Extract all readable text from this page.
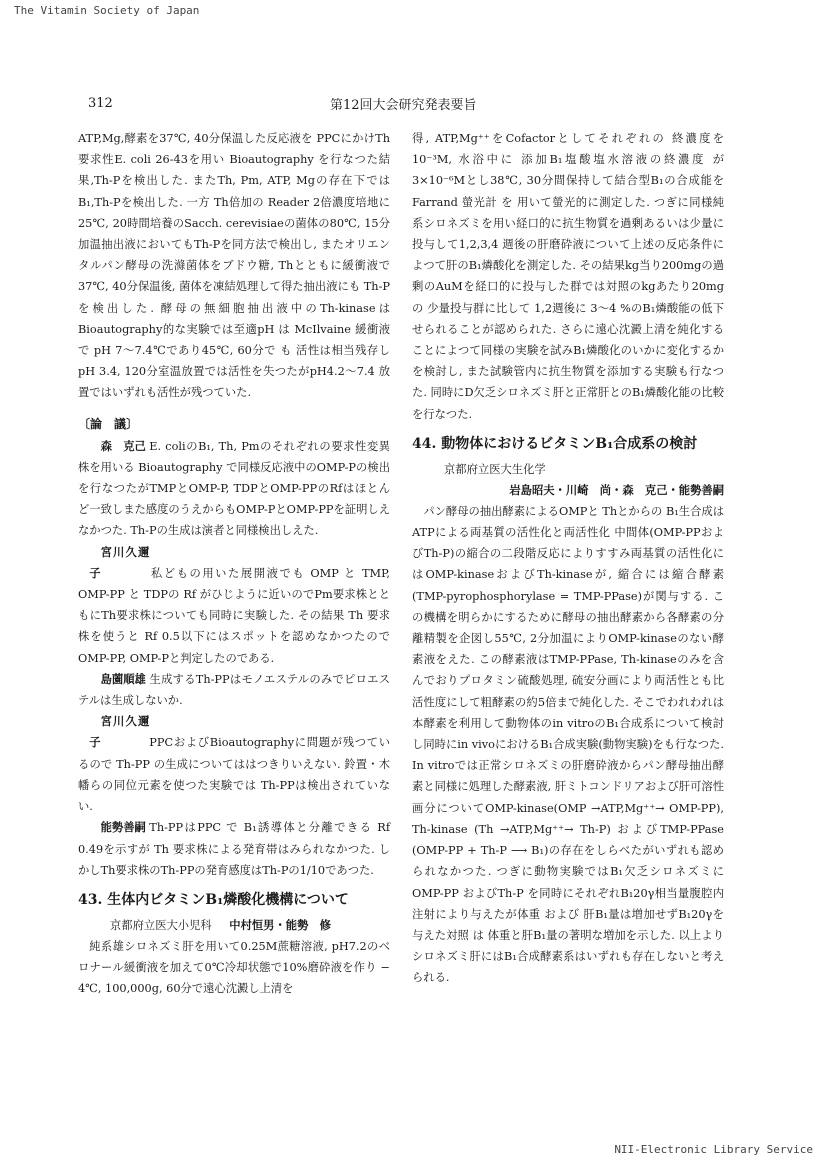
The Vitamin Society of Japan
312	第12回大会研究発表要旨

ATP,Mg,酵素を37℃, 40分保温した反応液を PPCにかけTh要求性E. coli 26-43を用い Bioautography を行なつた結果,Th-Pを検出した. またTh, Pm, ATP, Mgの存在下ではB₁,Th-Pを検出した. 一方 Th倍加の Reader 2倍濃度培地に25℃, 20時間培養のSacch. cerevisiaeの菌体の80℃, 15分加温抽出液においてもTh-Pを同方法で検出し, またオリエンタルパン酵母の洗滌菌体をブドウ糖, Thとともに緩衝液で37℃, 40分保温後, 菌体を凍結処理して得た抽出液にも Th-P を検出した. 酵母の無細胞抽出液中のTh-kinaseは Bioautography的な実験では至適pH は McIlvaine 緩衝液で pH 7〜7.4℃であり45℃, 60分で も 活性は相当残存しpH 3.4, 120分室温放置では活性を失つたがpH4.2〜7.4 放置ではいずれも活性が残つていた.

〔論　議〕

森　克己 E. coliのB₁, Th, Pmのそれぞれの要求性変異株を用いる Bioautography で同様反応液中のOMP-Pの検出を行なつたがTMPとOMP-P, TDPとOMP-PPのRfはほとんど一致しまた感度のうえからもOMP-PとOMP-PPを証明しえなかつた. Th-Pの生成は演者と同様検出しえた.

宮川久邇子	私どもの用いた展開液でも OMP と TMP, OMP-PP と TDPの Rf がひじように近いのでPm要求株とともにTh要求株についても同時に実験した. その結果 Th 要求株を使うと Rf 0.5以下にはスポットを認めなかつたので OMP-PP, OMP-Pと判定したのである.

島薗順雄 生成するTh-PPはモノエステルのみでピロエステルは生成しないか.

宮川久邇子	PPCおよびBioautographyに問題が残つているので Th-PP の生成についてははつきりいえない. 鈴置・木幡らの同位元素を使つた実験では Th-PPは検出されていない.

能勢善嗣 Th-PPはPPC で B₁誘導体と分離できる Rf 0.49を示すが Th 要求株による発育帯はみられなかつた. しかしTh要求株のTh-PPの発育感度はTh-Pの1/10であつた.

43. 生体内ビタミンB₁燐酸化機構について
京都府立医大小児科 中村恒男・能勢　修

純系雄シロネズミ肝を用いて0.25M蔗糖溶液, pH7.2のベロナール緩衝液を加えて0℃冷却状態で10%磨砕液を作り − 4℃, 100,000g, 60分で遠心沈澱し上清を

得, ATP,Mg⁺⁺をCofactorとしてそれぞれの 終濃度を10⁻³M, 水浴中に 添加B₁塩酸塩水溶液の終濃度 が 3×10⁻⁶Mとし38℃, 30分間保持して結合型B₁の合成能を Farrand 螢光計 を 用いて螢光的に測定した. つぎに同様純系シロネズミを用い経口的に抗生物質を過剰あるいは少量に投与して1,2,3,4 週後の肝磨砕液について上述の反応条件によつて肝のB₁燐酸化を測定した. その結果kg当り200mgの過剰のAuMを経口的に投与した群では対照のkgあたり20mg の 少量投与群に比して 1,2週後に 3〜4 %のB₁燐酸能の低下せられることが認められた. さらに遠心沈澱上清を純化することによつて同様の実験を試みB₁燐酸化のいかに変化するかを検討し, また試験管内に抗生物質を添加する実験も行なつた. 同時にD欠乏シロネズミ肝と正常肝とのB₁燐酸化能の比較を行なつた.

44. 動物体におけるビタミンB₁合成系の検討
京都府立医大生化学

岩島昭夫・川崎　尚・森　克己・能勢善嗣

パン酵母の抽出酵素によるOMPと Thとからの B₁生合成はATPによる両基質の活性化と両活性化 中間体(OMP-PPおよびTh-P)の縮合の二段階反応によりすすみ両基質の活性化にはOMP-kinaseおよびTh-kinaseが, 縮合には縮合酵素(TMP-pyrophosphorylase = TMP-PPase)が関与する. この機構を明らかにするために酵母の抽出酵素から各酵素の分離精製を企図し55℃, 2分加温によりOMP-kinaseのない酵素液をえた. この酵素液はTMP-PPase, Th-kinaseのみを含んでおりプロタミン硫酸処理, 硫安分画により両活性とも比活性度にして粗酵素の約5倍まで純化した. そこでわれわれは本酵素を利用して動物体のin vitroのB₁合成系について検討し同時にin vivoにおけるB₁合成実験(動物実験)をも行なつた. In vitroでは正常シロネズミの肝磨砕液からパン酵母抽出酵素と同様に処理した酵素液, 肝ミトコンドリアおよび肝可溶性画分についてOMP-kinase(OMP →ATP,Mg⁺⁺→ OMP-PP), Th-kinase (Th →ATP,Mg⁺⁺→ Th-P) およびTMP-PPase (OMP-PP + Th-P ⟶ B₁)の存在をしらべたがいずれも認められなかつた. つぎに動物実験ではB₁欠乏シロネズミに OMP-PP およびTh-P を同時にそれぞれB₁20γ相当量腹腔内注射により与えたが体重 および 肝B₁量は増加せずB₁20γを与えた対照 は 体重と肝B₁量の著明な増加を示した. 以上よりシロネズミ肝にはB₁合成酵素系はいずれも存在しないと考えられる.

NII-Electronic Library Service
